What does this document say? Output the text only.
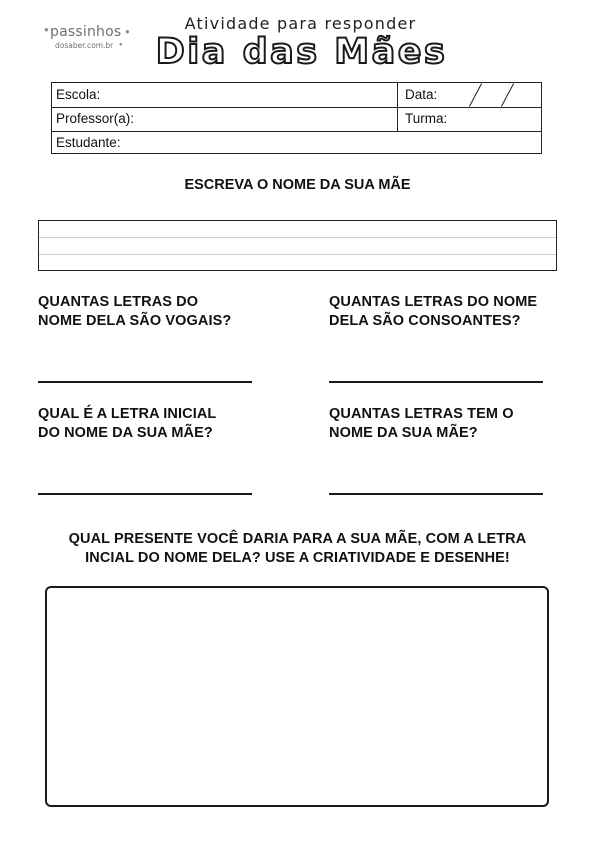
● passinhos ●
dosaber.com.br ●
Atividade para responder
Dia das Mães
Escola:	Data:
Professor(a):	Turma:
Estudante:
ESCREVA O NOME DA SUA MÃE
QUANTAS LETRAS DO
NOME DELA SÃO VOGAIS?
QUANTAS LETRAS DO NOME
DELA SÃO CONSOANTES?
QUAL É A LETRA INICIAL
DO NOME DA SUA MÃE?
QUANTAS LETRAS TEM O
NOME DA SUA MÃE?
QUAL PRESENTE VOCÊ DARIA PARA A SUA MÃE, COM A LETRA
INCIAL DO NOME DELA? USE A CRIATIVIDADE E DESENHE!
